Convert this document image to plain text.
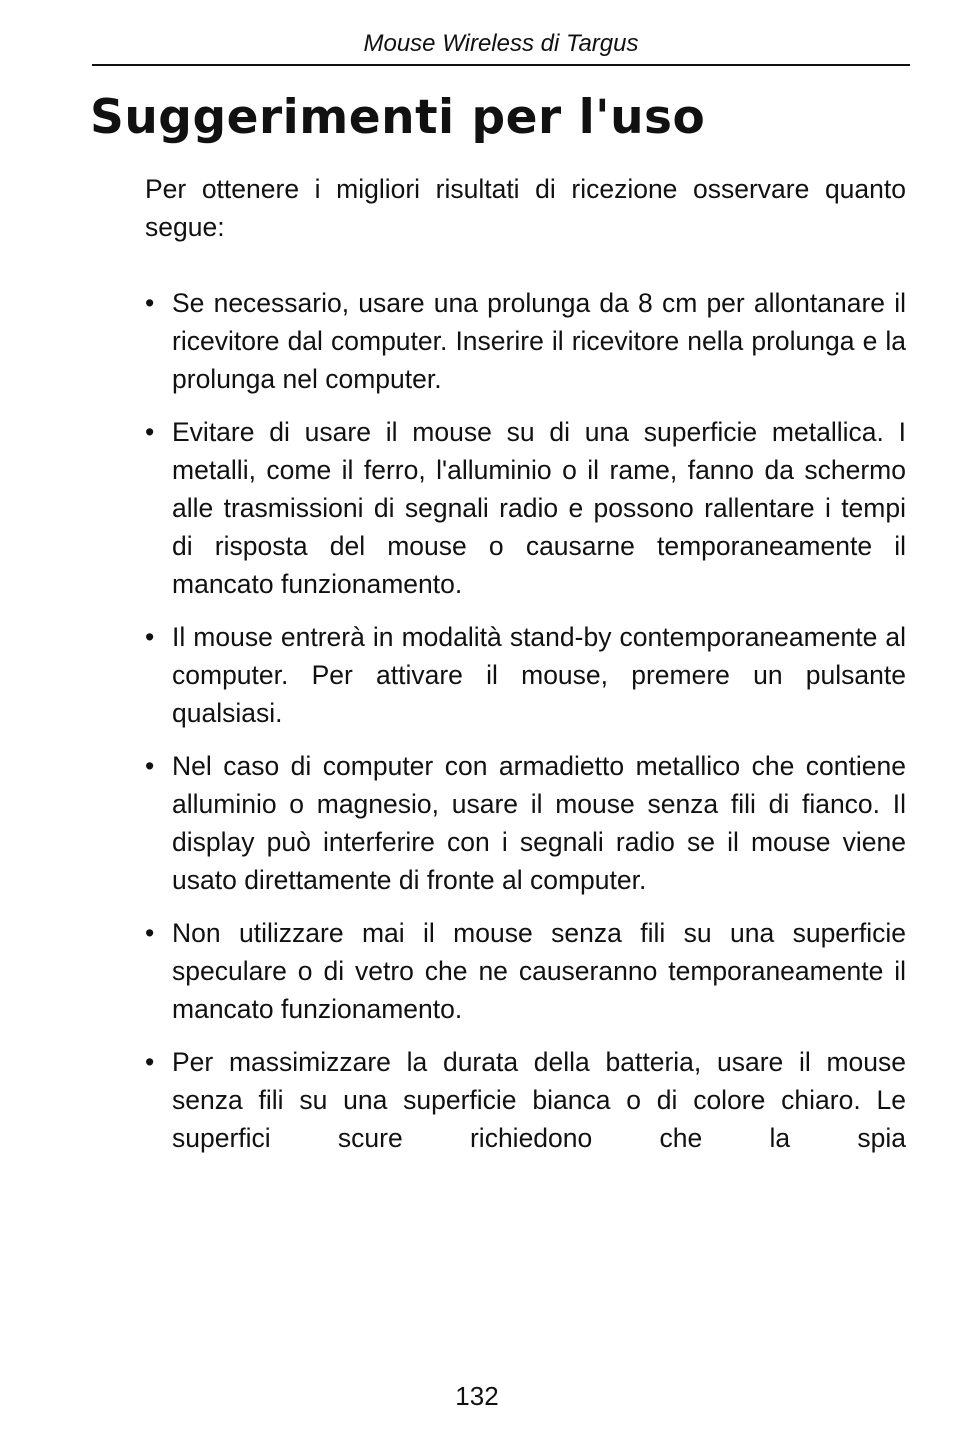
Mouse Wireless di Targus
Suggerimenti per l'uso

Per ottenere i migliori risultati di ricezione osservare quanto segue:

• Se necessario, usare una prolunga da 8 cm per allontanare il ricevitore dal computer. Inserire il ricevitore nella prolunga e la prolunga nel computer.
• Evitare di usare il mouse su di una superficie metallica. I metalli, come il ferro, l'alluminio o il rame, fanno da schermo alle trasmissioni di segnali radio e possono rallentare i tempi di risposta del mouse o causarne temporaneamente il mancato funzionamento.
• Il mouse entrerà in modalità stand-by contemporaneamente al computer. Per attivare il mouse, premere un pulsante qualsiasi.
• Nel caso di computer con armadietto metallico che contiene alluminio o magnesio, usare il mouse senza fili di fianco. Il display può interferire con i segnali radio se il mouse viene usato direttamente di fronte al computer.
• Non utilizzare mai il mouse senza fili su una superficie speculare o di vetro che ne causeranno temporaneamente il mancato funzionamento.
• Per massimizzare la durata della batteria, usare il mouse senza fili su una superficie bianca o di colore chiaro. Le superfici scure richiedono che la spia
132
